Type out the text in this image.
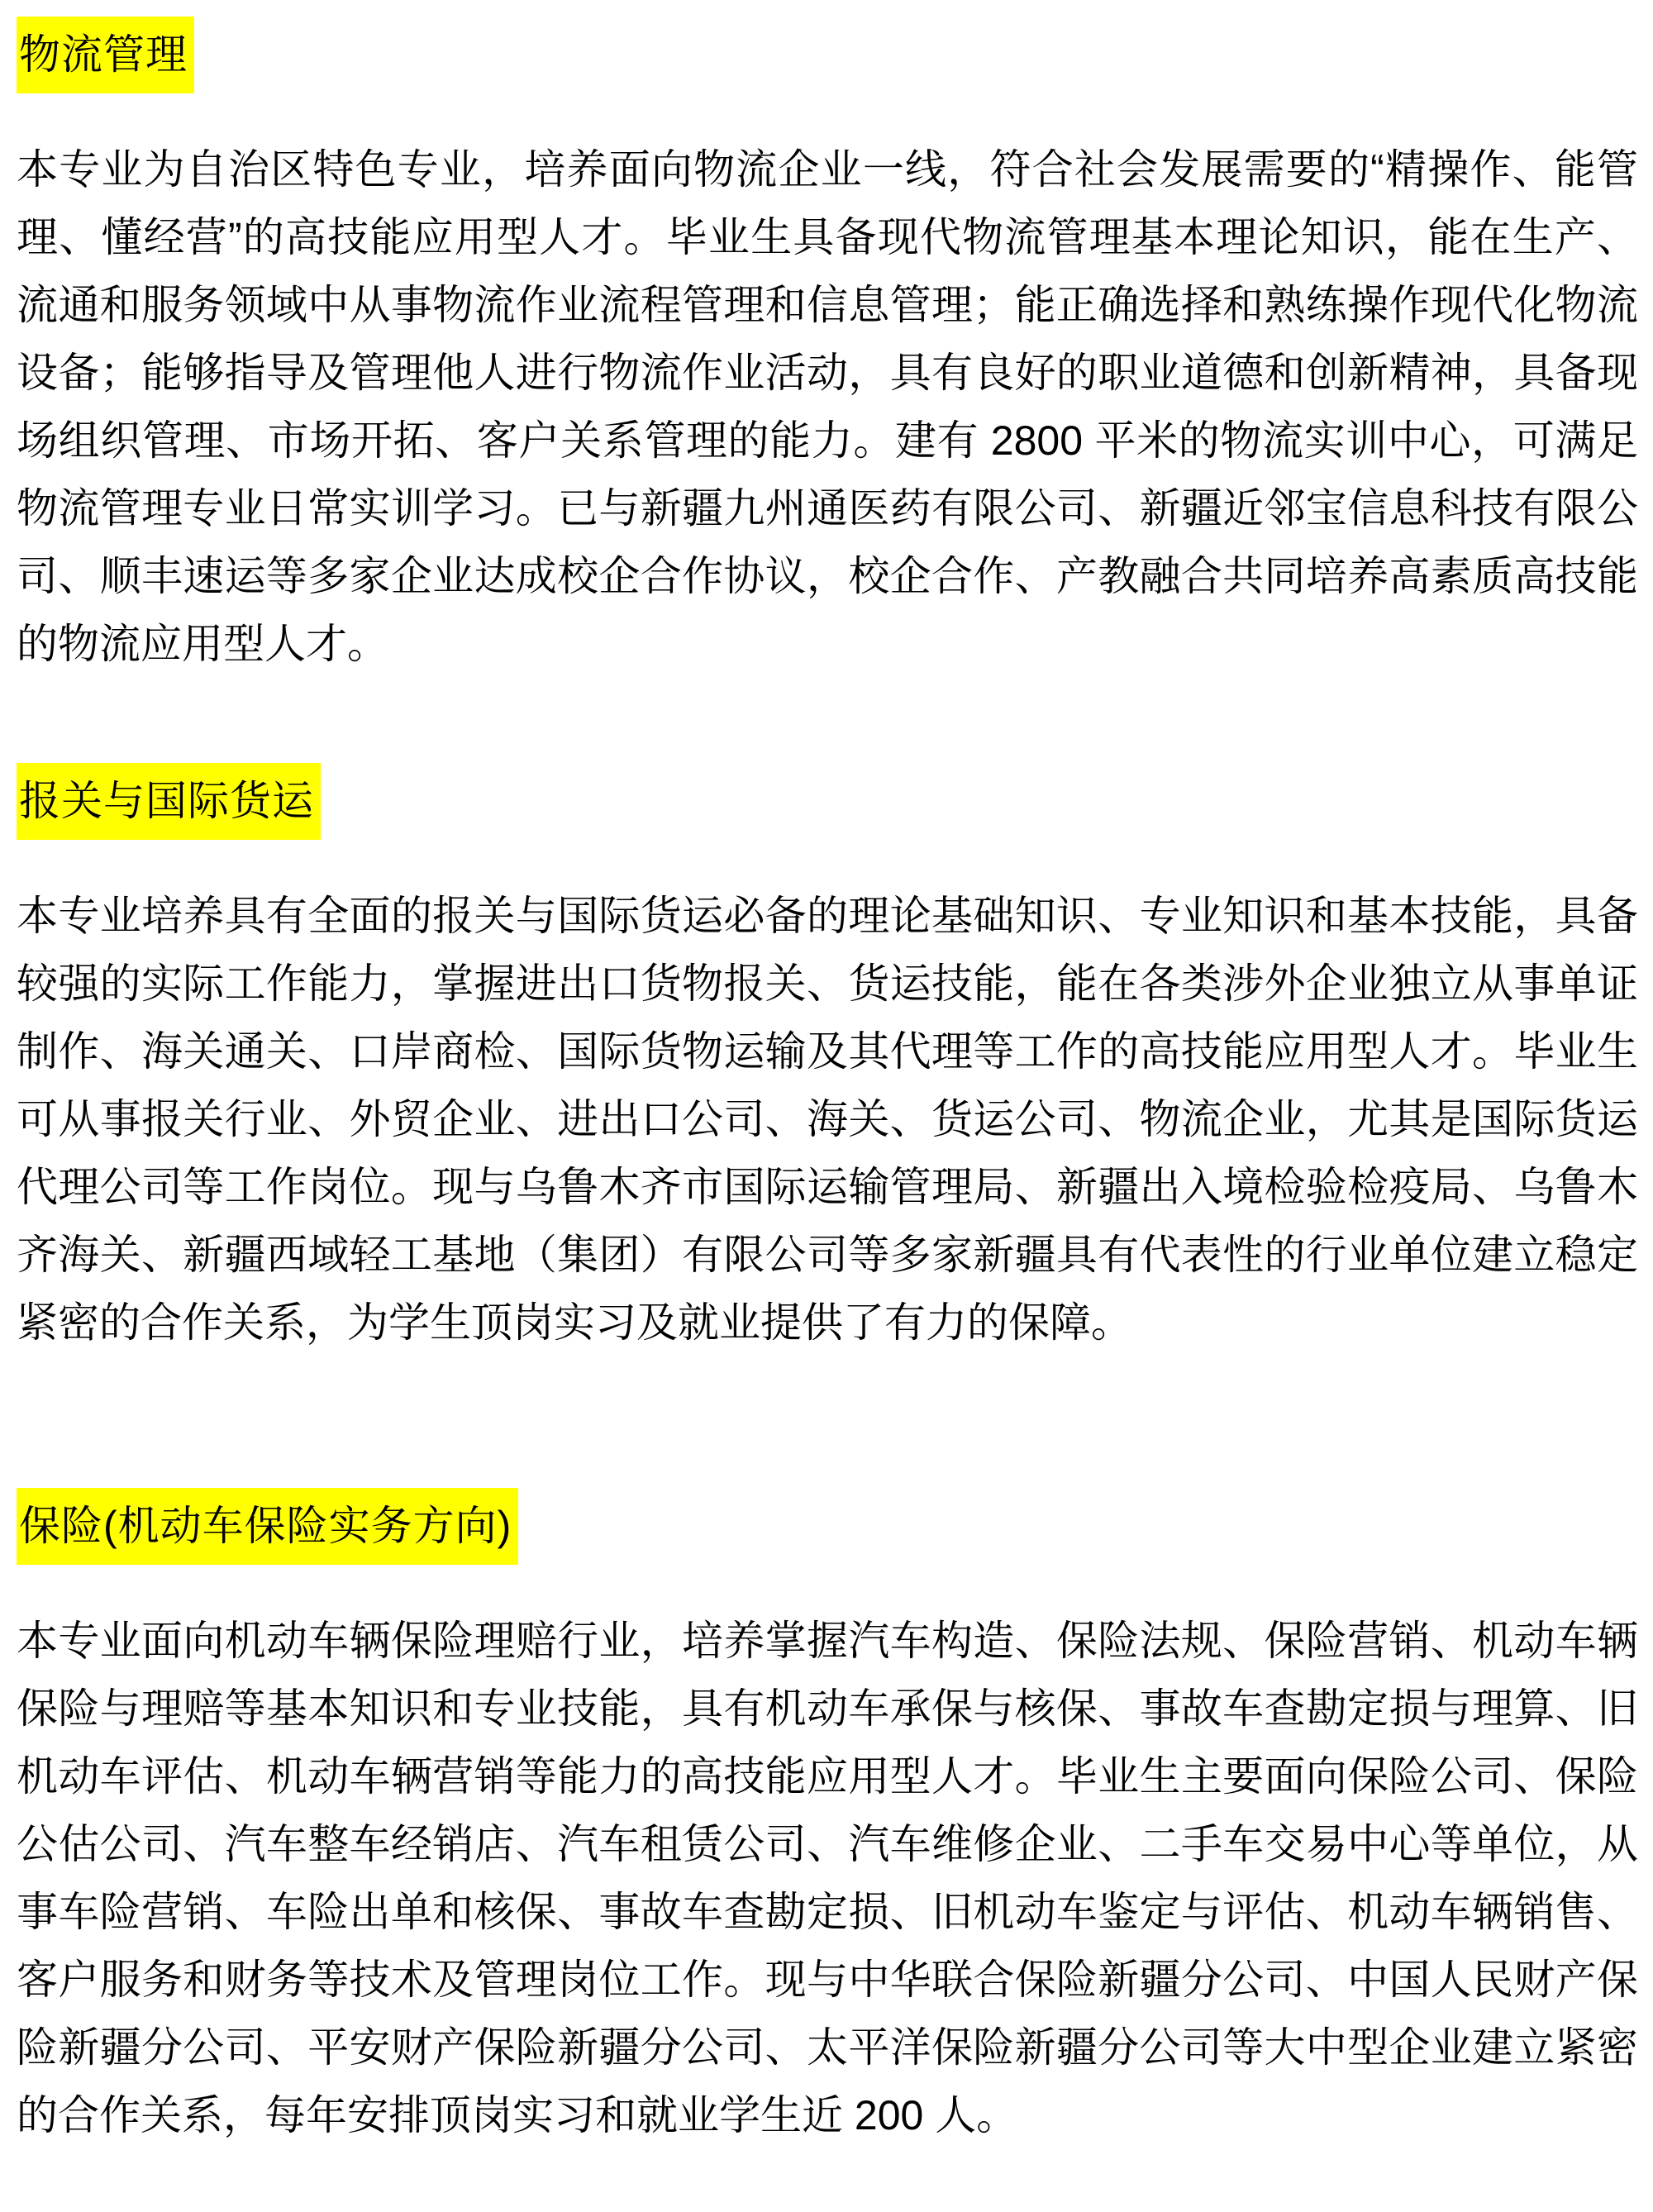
物流管理

本专业为自治区特色专业，培养面向物流企业一线，符合社会发展需要的“精操作、能管理、懂经营”的高技能应用型人才。毕业生具备现代物流管理基本理论知识，能在生产、流通和服务领域中从事物流作业流程管理和信息管理；能正确选择和熟练操作现代化物流设备；能够指导及管理他人进行物流作业活动，具有良好的职业道德和创新精神，具备现场组织管理、市场开拓、客户关系管理的能力。建有 2800 平米的物流实训中心，可满足物流管理专业日常实训学习。已与新疆九州通医药有限公司、新疆近邻宝信息科技有限公司、顺丰速运等多家企业达成校企合作协议，校企合作、产教融合共同培养高素质高技能的物流应用型人才。

报关与国际货运

本专业培养具有全面的报关与国际货运必备的理论基础知识、专业知识和基本技能，具备较强的实际工作能力，掌握进出口货物报关、货运技能，能在各类涉外企业独立从事单证制作、海关通关、口岸商检、国际货物运输及其代理等工作的高技能应用型人才。毕业生可从事报关行业、外贸企业、进出口公司、海关、货运公司、物流企业，尤其是国际货运代理公司等工作岗位。现与乌鲁木齐市国际运输管理局、新疆出入境检验检疫局、乌鲁木齐海关、新疆西域轻工基地（集团）有限公司等多家新疆具有代表性的行业单位建立稳定紧密的合作关系，为学生顶岗实习及就业提供了有力的保障。

保险(机动车保险实务方向)

本专业面向机动车辆保险理赔行业，培养掌握汽车构造、保险法规、保险营销、机动车辆保险与理赔等基本知识和专业技能，具有机动车承保与核保、事故车查勘定损与理算、旧机动车评估、机动车辆营销等能力的高技能应用型人才。毕业生主要面向保险公司、保险公估公司、汽车整车经销店、汽车租赁公司、汽车维修企业、二手车交易中心等单位，从事车险营销、车险出单和核保、事故车查勘定损、旧机动车鉴定与评估、机动车辆销售、客户服务和财务等技术及管理岗位工作。现与中华联合保险新疆分公司、中国人民财产保险新疆分公司、平安财产保险新疆分公司、太平洋保险新疆分公司等大中型企业建立紧密的合作关系，每年安排顶岗实习和就业学生近 200 人。
